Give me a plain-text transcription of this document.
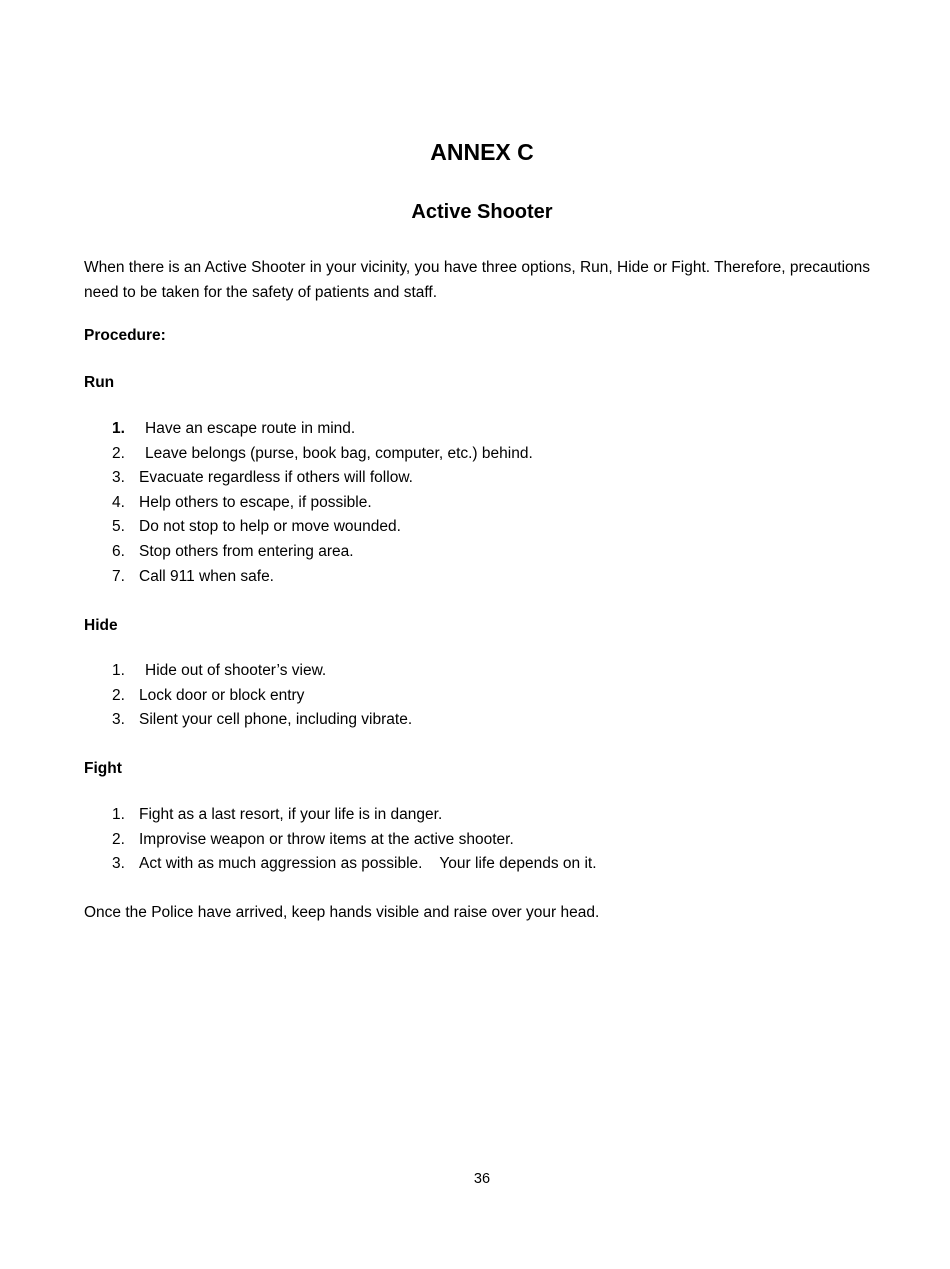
ANNEX C
Active Shooter

When there is an Active Shooter in your vicinity, you have three options, Run, Hide or Fight. Therefore, precautions need to be taken for the safety of patients and staff.

Procedure:

Run

1. Have an escape route in mind.
2. Leave belongs (purse, book bag, computer, etc.) behind.
3. Evacuate regardless if others will follow.
4. Help others to escape, if possible.
5. Do not stop to help or move wounded.
6. Stop others from entering area.
7. Call 911 when safe.

Hide

1. Hide out of shooter’s view.
2. Lock door or block entry
3. Silent your cell phone, including vibrate.

Fight

1. Fight as a last resort, if your life is in danger.
2. Improvise weapon or throw items at the active shooter.
3. Act with as much aggression as possible.    Your life depends on it.

Once the Police have arrived, keep hands visible and raise over your head.

36
